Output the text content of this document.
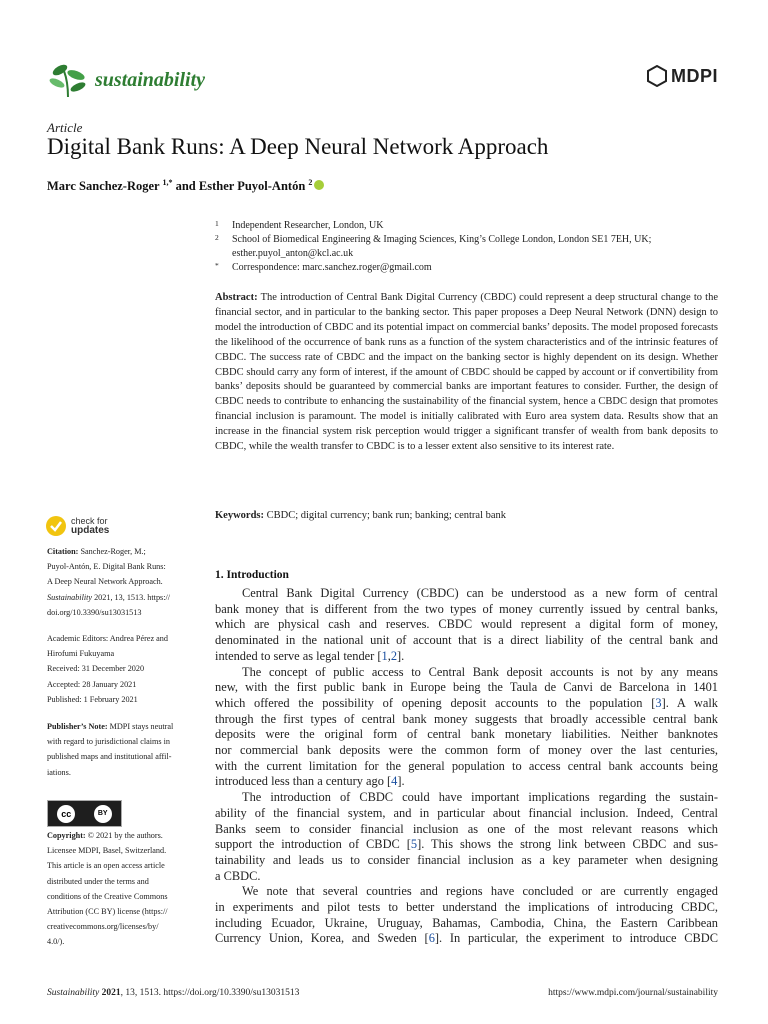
sustainability	MDPI
Article
Digital Bank Runs: A Deep Neural Network Approach
Marc Sanchez-Roger $^{1,*}$ and Esther Puyol-Antón $^2$
1	Independent Researcher, London, UK
2	School of Biomedical Engineering & Imaging Sciences, King’s College London, London SE1 7EH, UK;
esther.puyol_anton@kcl.ac.uk
*	Correspondence: marc.sanchez.roger@gmail.com
Abstract: The introduction of Central Bank Digital Currency (CBDC) could represent a deep structural change to the financial sector, and in particular to the banking sector. This paper proposes a Deep Neural Network (DNN) design to model the introduction of CBDC and its potential impact on commercial banks’ deposits. The model proposed forecasts the likelihood of the occurrence of bank runs as a function of the system characteristics and of the intrinsic features of CBDC. The success rate of CBDC and the impact on the banking sector is highly dependent on its design. Whether CBDC should carry any form of interest, if the amount of CBDC should be capped by account or if convertibility from banks’ deposits should be guaranteed by commercial banks are important features to consider. Further, the design of CBDC needs to contribute to enhancing the sustainability of the financial system, hence a CBDC design that promotes financial inclusion is paramount. The model is initially calibrated with Euro area system data. Results show that an increase in the financial system risk perception would trigger a significant transfer of wealth from bank deposits to CBDC, while the wealth transfer to CBDC is to a lesser extent also sensitive to its interest rate.
Keywords: CBDC; digital currency; bank run; banking; central bank
check for
updates
Citation: Sanchez-Roger, M.;
Puyol-Antón, E. Digital Bank Runs:
A Deep Neural Network Approach.
Sustainability 2021, 13, 1513. https://
doi.org/10.3390/su13031513
Academic Editors: Andrea Pérez and
Hirofumi Fukuyama
Received: 31 December 2020
Accepted: 28 January 2021
Published: 1 February 2021
Publisher’s Note: MDPI stays neutral
with regard to jurisdictional claims in
published maps and institutional affil-
iations.
cc	BY
Copyright: © 2021 by the authors.
Licensee MDPI, Basel, Switzerland.
This article is an open access article
distributed under the terms and
conditions of the Creative Commons
Attribution (CC BY) license (https://
creativecommons.org/licenses/by/
4.0/).
1. Introduction
Central Bank Digital Currency (CBDC) can be understood as a new form of central
bank money that is different from the two types of money currently issued by central banks,
which are physical cash and reserves. CBDC would represent a digital form of money,
denominated in the national unit of account that is a direct liability of the central bank and
intended to serve as legal tender [1,2].
The concept of public access to Central Bank deposit accounts is not by any means
new, with the first public bank in Europe being the Taula de Canvi de Barcelona in 1401
which offered the possibility of opening deposit accounts to the population [3]. A walk
through the first types of central bank money suggests that broadly accessible central bank
deposits were the original form of central bank monetary liabilities. Neither banknotes
nor commercial bank deposits were the common form of money over the last centuries,
with the current limitation for the general population to access central bank accounts being
introduced less than a century ago [4].
The introduction of CBDC could have important implications regarding the sustain-
ability of the financial system, and in particular about financial inclusion. Indeed, Central
Banks seem to consider financial inclusion as one of the most relevant reasons which
support the introduction of CBDC [5]. This shows the strong link between CBDC and sus-
tainability and leads us to consider financial inclusion as a key parameter when designing
a CBDC.
We note that several countries and regions have concluded or are currently engaged
in experiments and pilot tests to better understand the implications of introducing CBDC,
including Ecuador, Ukraine, Uruguay, Bahamas, Cambodia, China, the Eastern Caribbean
Currency Union, Korea, and Sweden [6]. In particular, the experiment to introduce CBDC
Sustainability 2021, 13, 1513. https://doi.org/10.3390/su13031513	https://www.mdpi.com/journal/sustainability
